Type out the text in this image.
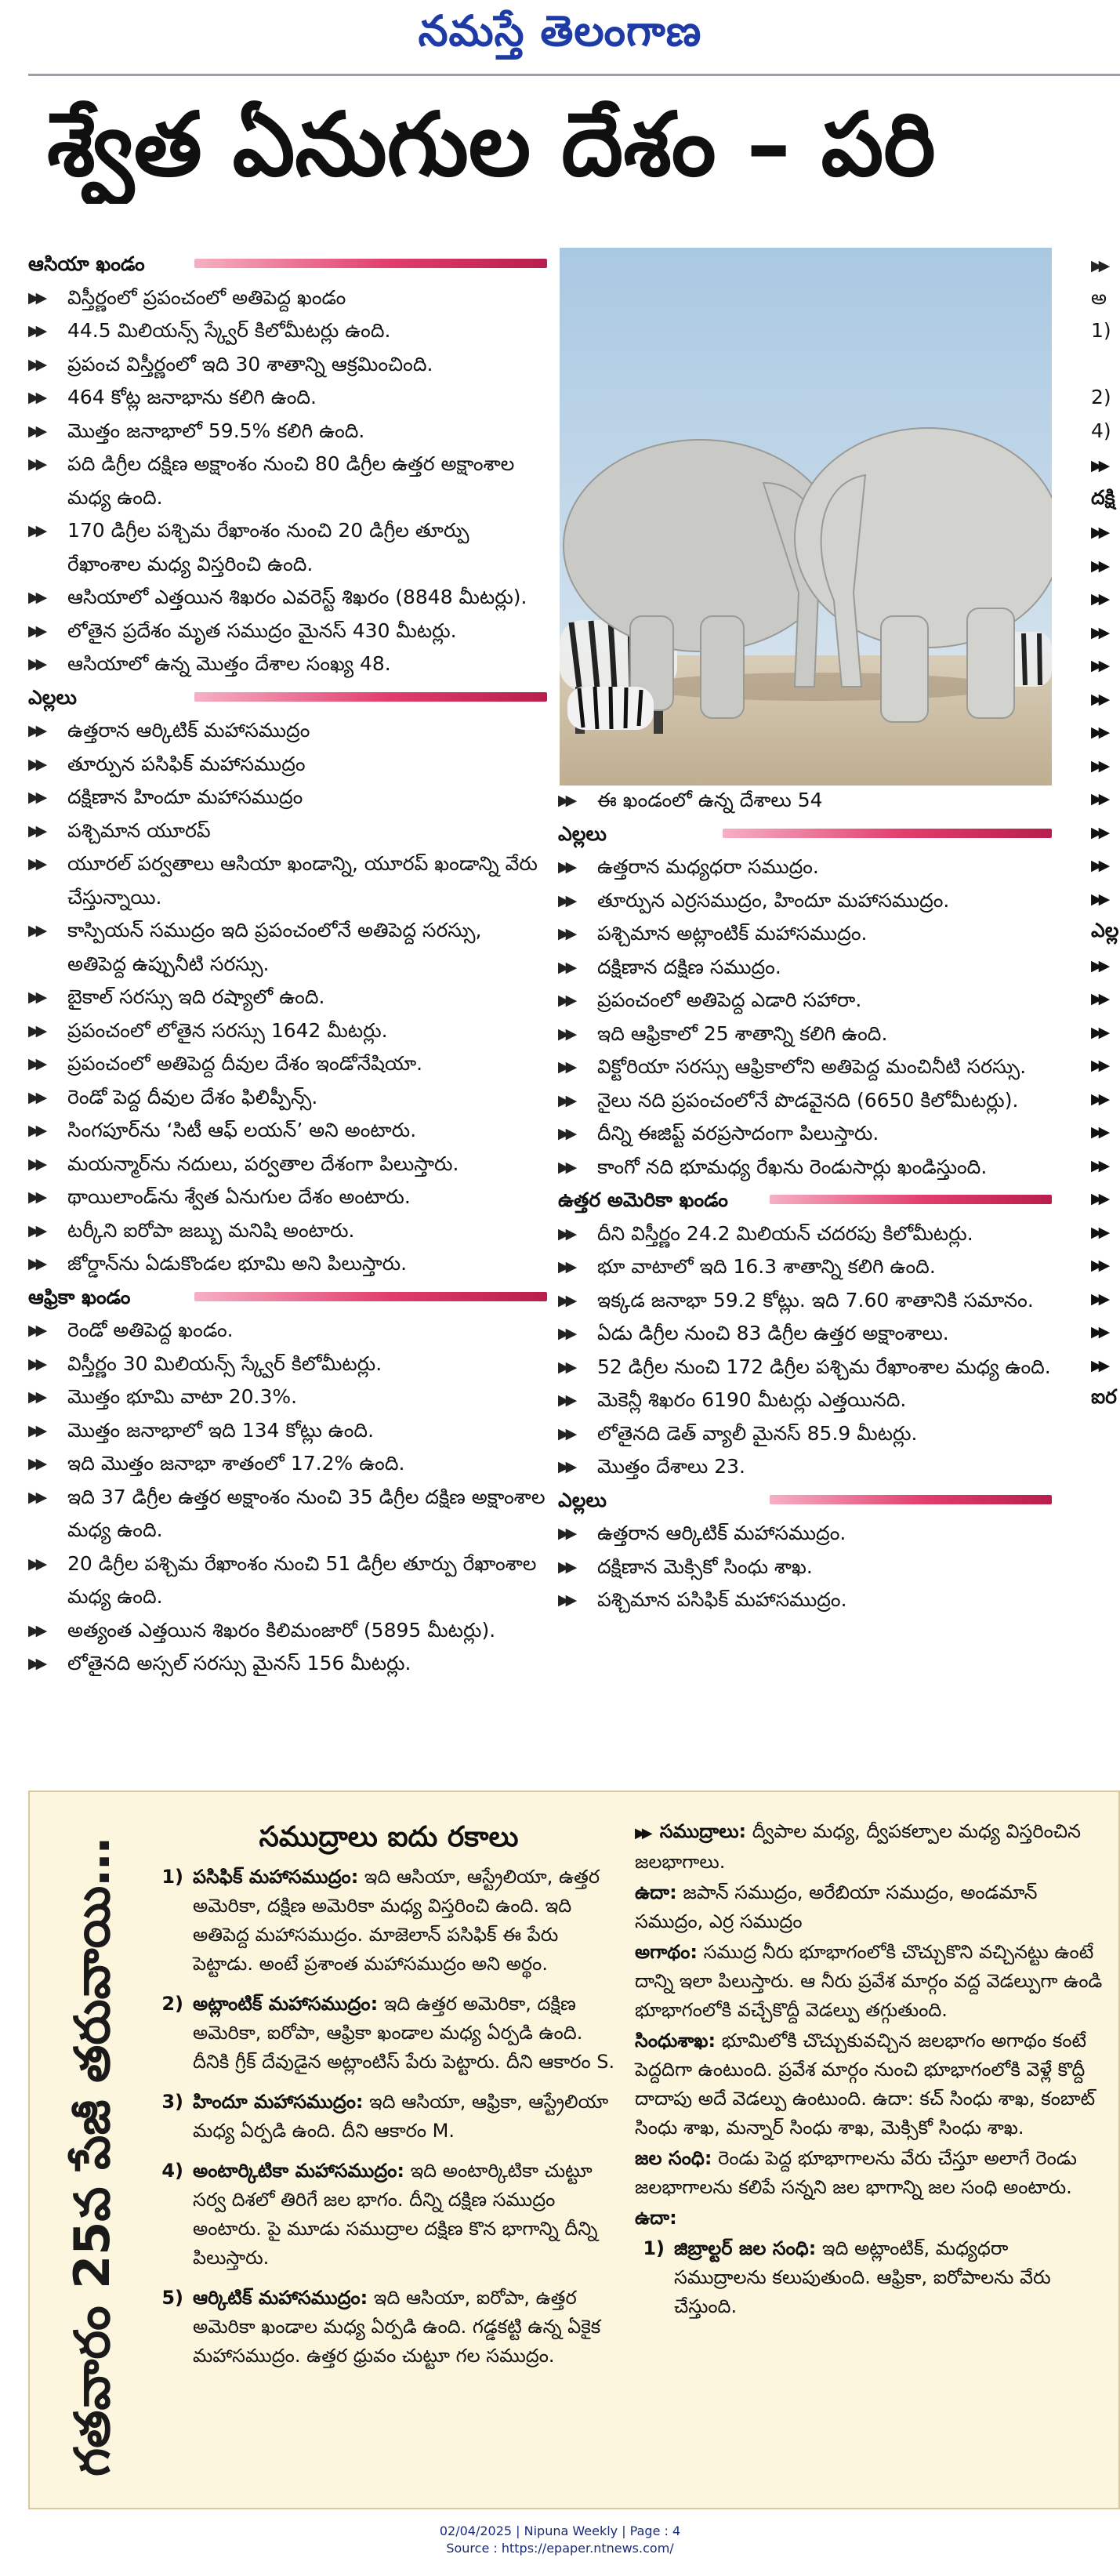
నమస్తే తెలంగాణ
శ్వేత ఏనుగుల దేశం – పరి
ఆసియా ఖండం
▶▶	విస్తీర్ణంలో ప్రపంచంలో అతిపెద్ద ఖండం
▶▶	44.5 మిలియన్స్ స్క్వేర్ కిలోమీటర్లు ఉంది.
▶▶	ప్రపంచ విస్తీర్ణంలో ఇది 30 శాతాన్ని ఆక్రమించింది.
▶▶	464 కోట్ల జనాభాను కలిగి ఉంది.
▶▶	మొత్తం జనాభాలో 59.5% కలిగి ఉంది.
▶▶	పది డిగ్రీల దక్షిణ అక్షాంశం నుంచి 80 డిగ్రీల ఉత్తర అక్షాంశాల మధ్య ఉంది.
▶▶	170 డిగ్రీల పశ్చిమ రేఖాంశం నుంచి 20 డిగ్రీల తూర్పు రేఖాంశాల మధ్య విస్తరించి ఉంది.
▶▶	ఆసియాలో ఎత్తయిన శిఖరం ఎవరెస్ట్ శిఖరం (8848 మీటర్లు).
▶▶	లోతైన ప్రదేశం మృత సముద్రం మైనస్ 430 మీటర్లు.
▶▶	ఆసియాలో ఉన్న మొత్తం దేశాల సంఖ్య 48.
ఎల్లలు
▶▶	ఉత్తరాన ఆర్కిటిక్ మహాసముద్రం
▶▶	తూర్పున పసిఫిక్ మహాసముద్రం
▶▶	దక్షిణాన హిందూ మహాసముద్రం
▶▶	పశ్చిమాన యూరప్
▶▶	యూరల్ పర్వతాలు ఆసియా ఖండాన్ని, యూరప్ ఖండాన్ని వేరు చేస్తున్నాయి.
▶▶	కాస్పియన్ సముద్రం ఇది ప్రపంచంలోనే అతిపెద్ద సరస్సు, అతిపెద్ద ఉప్పునీటి సరస్సు.
▶▶	బైకాల్ సరస్సు ఇది రష్యాలో ఉంది.
▶▶	ప్రపంచంలో లోతైన సరస్సు 1642 మీటర్లు.
▶▶	ప్రపంచంలో అతిపెద్ద దీవుల దేశం ఇండోనేషియా.
▶▶	రెండో పెద్ద దీవుల దేశం ఫిలిప్పీన్స్.
▶▶	సింగపూర్‌ను ‘సిటీ ఆఫ్ లయన్’ అని అంటారు.
▶▶	మయన్మార్‌ను నదులు, పర్వతాల దేశంగా పిలుస్తారు.
▶▶	థాయిలాండ్‌ను శ్వేత ఏనుగుల దేశం అంటారు.
▶▶	టర్కీని ఐరోపా జబ్బు మనిషి అంటారు.
▶▶	జోర్డాన్‌ను ఏడుకొండల భూమి అని పిలుస్తారు.
ఆఫ్రికా ఖండం
▶▶	రెండో అతిపెద్ద ఖండం.
▶▶	విస్తీర్ణం 30 మిలియన్స్ స్క్వేర్ కిలోమీటర్లు.
▶▶	మొత్తం భూమి వాటా 20.3%.
▶▶	మొత్తం జనాభాలో ఇది 134 కోట్లు ఉంది.
▶▶	ఇది మొత్తం జనాభా శాతంలో 17.2% ఉంది.
▶▶	ఇది 37 డిగ్రీల ఉత్తర అక్షాంశం నుంచి 35 డిగ్రీల దక్షిణ అక్షాంశాల మధ్య ఉంది.
▶▶	20 డిగ్రీల పశ్చిమ రేఖాంశం నుంచి 51 డిగ్రీల తూర్పు రేఖాంశాల మధ్య ఉంది.
▶▶	అత్యంత ఎత్తయిన శిఖరం కిలిమంజారో (5895 మీటర్లు).
▶▶	లోతైనది అస్సల్ సరస్సు మైనస్ 156 మీటర్లు.
▶▶	ఈ ఖండంలో ఉన్న దేశాలు 54
ఎల్లలు
▶▶	ఉత్తరాన మధ్యధరా సముద్రం.
▶▶	తూర్పున ఎర్రసముద్రం, హిందూ మహాసముద్రం.
▶▶	పశ్చిమాన అట్లాంటిక్ మహాసముద్రం.
▶▶	దక్షిణాన దక్షిణ సముద్రం.
▶▶	ప్రపంచంలో అతిపెద్ద ఎడారి సహారా.
▶▶	ఇది ఆఫ్రికాలో 25 శాతాన్ని కలిగి ఉంది.
▶▶	విక్టోరియా సరస్సు ఆఫ్రికాలోని అతిపెద్ద మంచినీటి సరస్సు.
▶▶	నైలు నది ప్రపంచంలోనే పొడవైనది (6650 కిలోమీటర్లు).
▶▶	దీన్ని ఈజిప్ట్ వరప్రసాదంగా పిలుస్తారు.
▶▶	కాంగో నది భూమధ్య రేఖను రెండుసార్లు ఖండిస్తుంది.
ఉత్తర అమెరికా ఖండం
▶▶	దీని విస్తీర్ణం 24.2 మిలియన్ చదరపు కిలోమీటర్లు.
▶▶	భూ వాటాలో ఇది 16.3 శాతాన్ని కలిగి ఉంది.
▶▶	ఇక్కడ జనాభా 59.2 కోట్లు. ఇది 7.60 శాతానికి సమానం.
▶▶	ఏడు డిగ్రీల నుంచి 83 డిగ్రీల ఉత్తర అక్షాంశాలు.
▶▶	52 డిగ్రీల నుంచి 172 డిగ్రీల పశ్చిమ రేఖాంశాల మధ్య ఉంది.
▶▶	మెకెన్లీ శిఖరం 6190 మీటర్లు ఎత్తయినది.
▶▶	లోతైనది డెత్ వ్యాలీ మైనస్ 85.9 మీటర్లు.
▶▶	మొత్తం దేశాలు 23.
ఎల్లలు
▶▶	ఉత్తరాన ఆర్కిటిక్ మహాసముద్రం.
▶▶	దక్షిణాన మెక్సికో సింధు శాఖ.
▶▶	పశ్చిమాన పసిఫిక్ మహాసముద్రం.
▶▶
అ
1)
2)
4)
▶▶
దక్షి
▶▶
▶▶
▶▶
▶▶
▶▶
▶▶
▶▶
▶▶
▶▶
▶▶
▶▶
▶▶
ఎల్ల
▶▶
▶▶
▶▶
▶▶
▶▶
▶▶
▶▶
▶▶
▶▶
▶▶
▶▶
▶▶
▶▶
ఐర
గతవారం 25వ పేజీ తరువాయి…	సముద్రాలు ఐదు రకాలు
1) పసిఫిక్ మహాసముద్రం: ఇది ఆసియా, ఆస్ట్రేలియా, ఉత్తర అమెరికా, దక్షిణ అమెరికా మధ్య విస్తరించి ఉంది. ఇది అతిపెద్ద మహాసముద్రం. మాజెలాన్ పసిఫిక్ ఈ పేరు పెట్టాడు. అంటే ప్రశాంత మహాసముద్రం అని అర్థం.
2) అట్లాంటిక్ మహాసముద్రం: ఇది ఉత్తర అమెరికా, దక్షిణ అమెరికా, ఐరోపా, ఆఫ్రికా ఖండాల మధ్య ఏర్పడి ఉంది. దీనికి గ్రీక్ దేవుడైన అట్లాంటిస్ పేరు పెట్టారు. దీని ఆకారం S.
3) హిందూ మహాసముద్రం: ఇది ఆసియా, ఆఫ్రికా, ఆస్ట్రేలియా మధ్య ఏర్పడి ఉంది. దీని ఆకారం M.
4) అంటార్కిటికా మహాసముద్రం: ఇది అంటార్కిటికా చుట్టూ సర్వ దిశలో తిరిగే జల భాగం. దీన్ని దక్షిణ సముద్రం అంటారు. పై మూడు సముద్రాల దక్షిణ కొన భాగాన్ని దీన్ని పిలుస్తారు.
5) ఆర్కిటిక్ మహాసముద్రం: ఇది ఆసియా, ఐరోపా, ఉత్తర అమెరికా ఖండాల మధ్య ఏర్పడి ఉంది. గడ్డకట్టి ఉన్న ఏకైక మహాసముద్రం. ఉత్తర ధ్రువం చుట్టూ గల సముద్రం.
▶▶ సముద్రాలు: ద్వీపాల మధ్య, ద్వీపకల్పాల మధ్య విస్తరించిన జలభాగాలు.
ఉదా: జపాన్ సముద్రం, అరేబియా సముద్రం, అండమాన్ సముద్రం, ఎర్ర సముద్రం
అగాథం: సముద్ర నీరు భూభాగంలోకి చొచ్చుకొని వచ్చినట్టు ఉంటే దాన్ని ఇలా పిలుస్తారు. ఆ నీరు ప్రవేశ మార్గం వద్ద వెడల్పుగా ఉండి భూభాగంలోకి వచ్చేకొద్దీ వెడల్పు తగ్గుతుంది.
సింధుశాఖ: భూమిలోకి చొచ్చుకువచ్చిన జలభాగం అగాథం కంటే పెద్దదిగా ఉంటుంది. ప్రవేశ మార్గం నుంచి భూభాగంలోకి వెళ్లే కొద్దీ దాదాపు అదే వెడల్పు ఉంటుంది. ఉదా: కచ్ సింధు శాఖ, కంబాట్ సింధు శాఖ, మన్నార్ సింధు శాఖ, మెక్సికో సింధు శాఖ.
జల సంధి: రెండు పెద్ద భూభాగాలను వేరు చేస్తూ అలాగే రెండు జలభాగాలను కలిపే సన్నని జల భాగాన్ని జల సంధి అంటారు.
ఉదా:
1) జిబ్రాల్టర్ జల సంధి: ఇది అట్లాంటిక్, మధ్యధరా సముద్రాలను కలుపుతుంది. ఆఫ్రికా, ఐరోపాలను వేరు చేస్తుంది.
02/04/2025 | Nipuna Weekly | Page : 4
Source : https://epaper.ntnews.com/
